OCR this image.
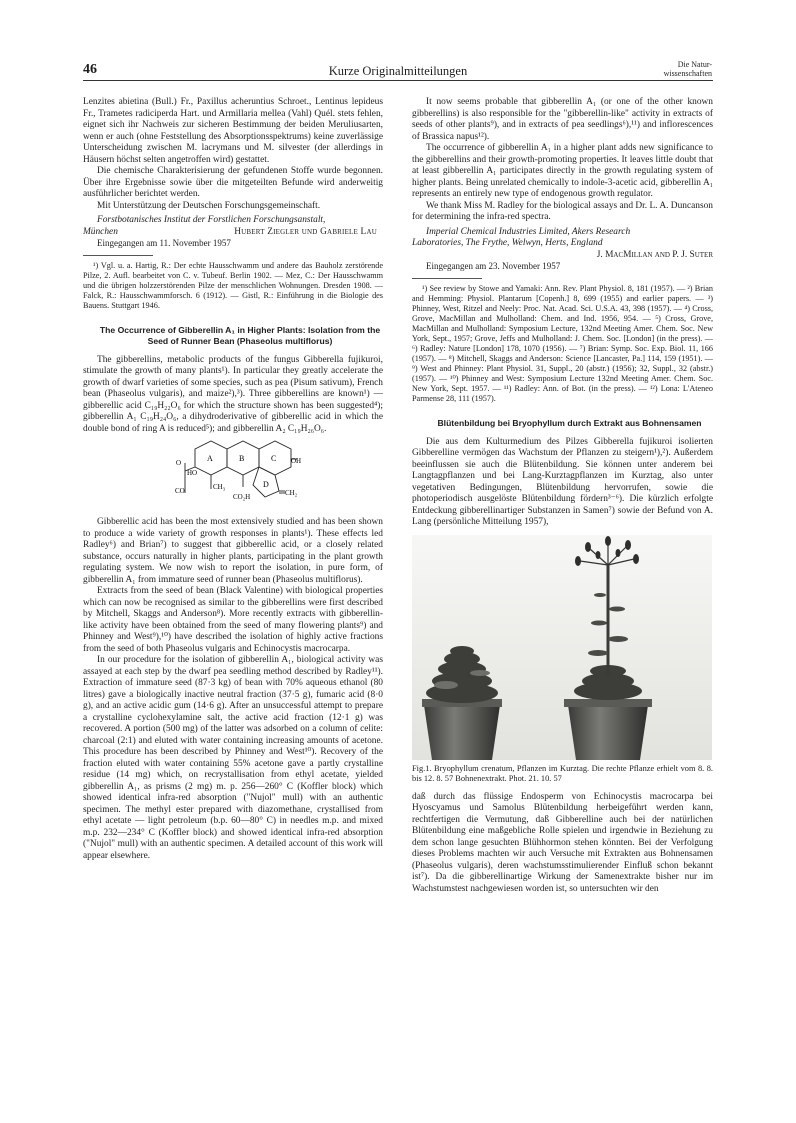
46	Kurze Originalmitteilungen	Die Natur-
wissenschaften

Lenzites abietina (Bull.) Fr., Paxillus acheruntius Schroet., Lentinus lepideus Fr., Trametes radiciperda Hart. und Armillaria mellea (Vahl) Quél. stets fehlen, eignet sich ihr Nachweis zur sicheren Bestimmung der beiden Meruliusarten, wenn er auch (ohne Feststellung des Absorptionsspektrums) keine zuverlässige Unterscheidung zwischen M. lacrymans und M. silvester (der allerdings in Häusern höchst selten angetroffen wird) gestattet.

Die chemische Charakterisierung der gefundenen Stoffe wurde begonnen. Über ihre Ergebnisse sowie über die mitgeteilten Befunde wird anderweitig ausführlicher berichtet werden.

Mit Unterstützung der Deutschen Forschungsgemeinschaft.

Forstbotanisches Institut der Forstlichen Forschungsanstalt,

München	Hubert Ziegler und Gabriele Lau

Eingegangen am 11. November 1957

¹) Vgl. u. a. Hartig, R.: Der echte Hausschwamm und andere das Bauholz zerstörende Pilze, 2. Aufl. bearbeitet von C. v. Tubeuf. Berlin 1902. — Mez, C.: Der Hausschwamm und die übrigen holzzerstörenden Pilze der menschlichen Wohnungen. Dresden 1908. — Falck, R.: Hausschwammforsch. 6 (1912). — Gistl, R.: Einführung in die Biologie des Bauens. Stuttgart 1946.

The Occurrence of Gibberellin A₁ in Higher Plants: Isolation from the

Seed of Runner Bean (Phaseolus multiflorus)

The gibberellins, metabolic products of the fungus Gibberella fujikuroi, stimulate the growth of many plants¹). In particular they greatly accelerate the growth of dwarf varieties of some species, such as pea (Pisum sativum), French bean (Phaseolus vulgaris), and maize²),³). Three gibberellins are known¹) — gibberellic acid C₁₉H₂₂O₆ for which the structure shown has been suggested⁴); gibberellin A₁ C₁₉H₂₄O₆, a dihydroderivative of gibberellic acid in which the double bond of ring A is reduced⁵); and gibberellin A₂ C₁₉H₂₆O₆.

A	B	C
D
OH
HO
O
CO	CH₃
CO₂H	CH₂

Gibberellic acid has been the most extensively studied and has been shown to produce a wide variety of growth responses in plants¹). These effects led Radley⁶) and Brian⁷) to suggest that gibberellic acid, or a closely related substance, occurs naturally in higher plants, participating in the plant growth regulating system. We now wish to report the isolation, in pure form, of gibberellin A₁ from immature seed of runner bean (Phaseolus multiflorus).

Extracts from the seed of bean (Black Valentine) with biological properties which can now be recognised as similar to the gibberellins were first described by Mitchell, Skaggs and Anderson⁸). More recently extracts with gibberellin-like activity have been obtained from the seed of many flowering plants⁹) and Phinney and West⁹),¹⁰) have described the isolation of highly active fractions from the seed of both Phaseolus vulgaris and Echinocystis macrocarpa.

In our procedure for the isolation of gibberellin A₁, biological activity was assayed at each step by the dwarf pea seedling method described by Radley¹¹). Extraction of immature seed (87·3 kg) of bean with 70% aqueous ethanol (80 litres) gave a biologically inactive neutral fraction (37·5 g), fumaric acid (8·0 g), and an active acidic gum (14·6 g). After an unsuccessful attempt to prepare a crystalline cyclohexylamine salt, the active acid fraction (12·1 g) was recovered. A portion (500 mg) of the latter was adsorbed on a column of celite: charcoal (2:1) and eluted with water containing increasing amounts of acetone. This procedure has been described by Phinney and West¹⁰). Recovery of the fraction eluted with water containing 55% acetone gave a partly crystalline residue (14 mg) which, on recrystallisation from ethyl acetate, yielded gibberellin A₁, as prisms (2 mg) m. p. 256—260° C (Koffler block) which showed identical infra-red absorption ("Nujol" mull) with an authentic specimen. The methyl ester prepared with diazomethane, crystallised from ethyl acetate — light petroleum (b.p. 60—80° C) in needles m.p. and mixed m.p. 232—234° C (Koffler block) and showed identical infra-red absorption ("Nujol" mull) with an authentic specimen. A detailed account of this work will appear elsewhere.

It now seems probable that gibberellin A₁ (or one of the other known gibberellins) is also responsible for the "gibberellin-like" activity in extracts of seeds of other plants⁹), and in extracts of pea seedlings⁶),¹¹) and inflorescences of Brassica napus¹²).

The occurrence of gibberellin A₁ in a higher plant adds new significance to the gibberellins and their growth-promoting properties. It leaves little doubt that at least gibberellin A₁ participates directly in the growth regulating system of higher plants. Being unrelated chemically to indole-3-acetic acid, gibberellin A₁ represents an entirely new type of endogenous growth regulator.

We thank Miss M. Radley for the biological assays and Dr. L. A. Duncanson for determining the infra-red spectra.

Imperial Chemical Industries Limited, Akers Research

Laboratories, The Frythe, Welwyn, Herts, England

J. MacMillan and P. J. Suter

Eingegangen am 23. November 1957

¹) See review by Stowe and Yamaki: Ann. Rev. Plant Physiol. 8, 181 (1957). — ²) Brian and Hemming: Physiol. Plantarum [Copenh.] 8, 699 (1955) and earlier papers. — ³) Phinney, West, Ritzel and Neely: Proc. Nat. Acad. Sci. U.S.A. 43, 398 (1957). — ⁴) Cross, Grove, MacMillan and Mulholland: Chem. and Ind. 1956, 954. — ⁵) Cross, Grove, MacMillan and Mulholland: Symposium Lecture, 132nd Meeting Amer. Chem. Soc. New York, Sept., 1957; Grove, Jeffs and Mulholland: J. Chem. Soc. [London] (in the press). — ⁶) Radley: Nature [London] 178, 1070 (1956). — ⁷) Brian: Symp. Soc. Exp. Biol. 11, 166 (1957). — ⁸) Mitchell, Skaggs and Anderson: Science [Lancaster, Pa.] 114, 159 (1951). — ⁹) West and Phinney: Plant Physiol. 31, Suppl., 20 (abstr.) (1956); 32, Suppl., 32 (abstr.) (1957). — ¹⁰) Phinney and West: Symposium Lecture 132nd Meeting Amer. Chem. Soc. New York, Sept. 1957. — ¹¹) Radley: Ann. of Bot. (in the press). — ¹²) Lona: L'Ateneo Parmense 28, 111 (1957).

Blütenbildung bei Bryophyllum durch Extrakt aus Bohnensamen

Die aus dem Kulturmedium des Pilzes Gibberella fujikuroi isolierten Gibberelline vermögen das Wachstum der Pflanzen zu steigern¹),²). Außerdem beeinflussen sie auch die Blütenbildung. Sie können unter anderem bei Langtagpflanzen und bei Lang-Kurztagpflanzen im Kurztag, also unter vegetativen Bedingungen, Blütenbildung hervorrufen, sowie die photoperiodisch ausgelöste Blütenbildung fördern³⁻⁶). Die kürzlich erfolgte Entdeckung gibberellinartiger Substanzen in Samen⁷) sowie der Befund von A. Lang (persönliche Mitteilung 1957),

Fig.1. Bryophyllum crenatum, Pflanzen im Kurztag. Die rechte Pflanze erhielt vom 8. 8. bis 12. 8. 57 Bohnenextrakt. Phot. 21. 10. 57

daß durch das flüssige Endosperm von Echinocystis macrocarpa bei Hyoscyamus und Samolus Blütenbildung herbeigeführt werden kann, rechtfertigen die Vermutung, daß Gibberelline auch bei der natürlichen Blütenbildung eine maßgebliche Rolle spielen und irgendwie in Beziehung zu dem schon lange gesuchten Blühhormon stehen könnten. Bei der Verfolgung dieses Problems machten wir auch Versuche mit Extrakten aus Bohnensamen (Phaseolus vulgaris), deren wachstumsstimulierender Einfluß schon bekannt ist⁷). Da die gibberellinartige Wirkung der Samenextrakte bisher nur im Wachstumstest nachgewiesen worden ist, so untersuchten wir den
